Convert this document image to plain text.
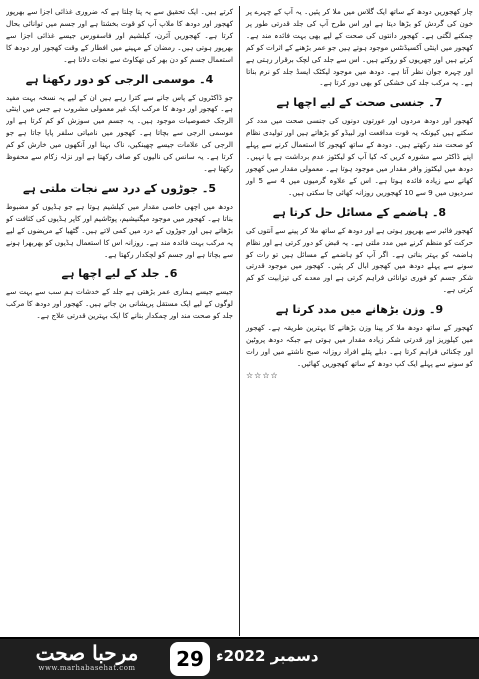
کرتے ہیں۔ ایک تحقیق سے یہ پتا چلتا ہے کہ ضروری غذائی اجزا سے بھرپور کھجور اور دودھ کا ملاپ آپ کو قوت بخشتا ہے اور جسم میں توانائی بحال کرتا ہے۔ کھجوریں آئرن، کیلشیم اور فاسفورس جیسے غذائی اجزا سے بھرپور ہوتی ہیں۔ رمضان کے مہینے میں افطار کے وقت کھجور اور دودھ کا استعمال جسم کو دن بھر کی تھکاوٹ سے نجات دلاتا ہے۔

4۔ موسمی الرجی کو دور رکھتا ہے

جو ڈاکٹروں کے پاس جانے سے کترا رہے ہیں ان کے لیے یہ نسخہ بہت مفید ہے۔ کھجور اور دودھ کا مرکب ایک غیر معمولی مشروب ہے جس میں اینٹی الرجک خصوصیات موجود ہیں۔ یہ جسم میں سوزش کو کم کرتا ہے اور موسمی الرجی سے بچاتا ہے۔ کھجور میں نامیاتی سلفر پایا جاتا ہے جو الرجی کی علامات جیسے چھینکیں، ناک بہنا اور آنکھوں میں خارش کو کم کرتا ہے۔ یہ سانس کی نالیوں کو صاف رکھتا ہے اور نزلہ زکام سے محفوظ رکھتا ہے۔

5۔ جوڑوں کے درد سے نجات ملتی ہے

دودھ میں اچھی خاصی مقدار میں کیلشیم ہوتا ہے جو ہڈیوں کو مضبوط بناتا ہے۔ کھجور میں موجود میگنیشیم، پوٹاشیم اور کاپر ہڈیوں کی کثافت کو بڑھاتے ہیں اور جوڑوں کے درد میں کمی لاتے ہیں۔ گٹھیا کے مریضوں کے لیے یہ مرکب بہت فائدہ مند ہے۔ روزانہ اس کا استعمال ہڈیوں کو بھربھرا ہونے سے بچاتا ہے اور جسم کو لچکدار رکھتا ہے۔

6۔ جلد کے لیے اچھا ہے

جیسے جیسے ہماری عمر بڑھتی ہے جلد کے خدشات ہم سب سے بہت سے لوگوں کے لیے ایک مستقل پریشانی بن جاتے ہیں۔ کھجور اور دودھ کا مرکب جلد کو صحت مند اور چمکدار بنانے کا ایک بہترین قدرتی علاج ہے۔

چار کھجوریں دودھ کے ساتھ ایک گلاس میں ملا کر پئیں۔ یہ آپ کے چہرے پر خون کی گردش کو بڑھا دیتا ہے اور اس طرح آپ کی جلد قدرتی طور پر چمکنے لگتی ہے۔ کھجور دانتوں کی صحت کے لیے بھی بہت فائدہ مند ہے۔ کھجور میں اینٹی آکسیڈنٹس موجود ہوتے ہیں جو عمر بڑھنے کے اثرات کو کم کرتے ہیں اور جھریوں کو روکتے ہیں۔ اس سے جلد کی لچک برقرار رہتی ہے اور چہرہ جوان نظر آتا ہے۔ دودھ میں موجود لیکٹک ایسڈ جلد کو نرم بناتا ہے۔ یہ مرکب جلد کی خشکی کو بھی دور کرتا ہے۔

7۔ جنسی صحت کے لیے اچھا ہے

کھجور اور دودھ مردوں اور عورتوں دونوں کی جنسی صحت میں مدد کر سکتے ہیں کیونکہ یہ قوت مدافعت اور لبیڈو کو بڑھاتے ہیں اور تولیدی نظام کو صحت مند رکھتے ہیں۔ دودھ کے ساتھ کھجور کا استعمال کرنے سے پہلے اپنے ڈاکٹر سے مشورہ کریں کہ کیا آپ کو لیکٹوز عدم برداشت ہے یا نہیں۔ دودھ میں لیکٹوز وافر مقدار میں موجود ہوتا ہے۔ معمولی مقدار میں کھجور کھانے سے زیادہ فائدہ ہوتا ہے۔ اس کے علاوہ گرمیوں میں 4 سے 5 اور سردیوں میں 9 سے 10 کھجوریں روزانہ کھائی جا سکتی ہیں۔

8۔ ہاضمے کے مسائل حل کرتا ہے

کھجور فائبر سے بھرپور ہوتی ہے اور دودھ کے ساتھ ملا کر پینے سے آنتوں کی حرکت کو منظم کرنے میں مدد ملتی ہے۔ یہ قبض کو دور کرتی ہے اور نظام ہاضمہ کو بہتر بناتی ہے۔ اگر آپ کو ہاضمے کے مسائل ہیں تو رات کو سونے سے پہلے دودھ میں کھجور ابال کر پئیں۔ کھجور میں موجود قدرتی شکر جسم کو فوری توانائی فراہم کرتی ہے اور معدے کی تیزابیت کو کم کرتی ہے۔

9۔ وزن بڑھانے میں مدد کرتا ہے

کھجور کے ساتھ دودھ ملا کر پینا وزن بڑھانے کا بہترین طریقہ ہے۔ کھجور میں کیلوریز اور قدرتی شکر زیادہ مقدار میں ہوتی ہے جبکہ دودھ پروٹین اور چکنائی فراہم کرتا ہے۔ دبلے پتلے افراد روزانہ صبح ناشتے میں اور رات کو سونے سے پہلے ایک کپ دودھ کے ساتھ کھجوریں کھائیں۔

☆☆☆☆
مرحبا صحت
www.marhabasehat.com	29 دسمبر 2022ء
